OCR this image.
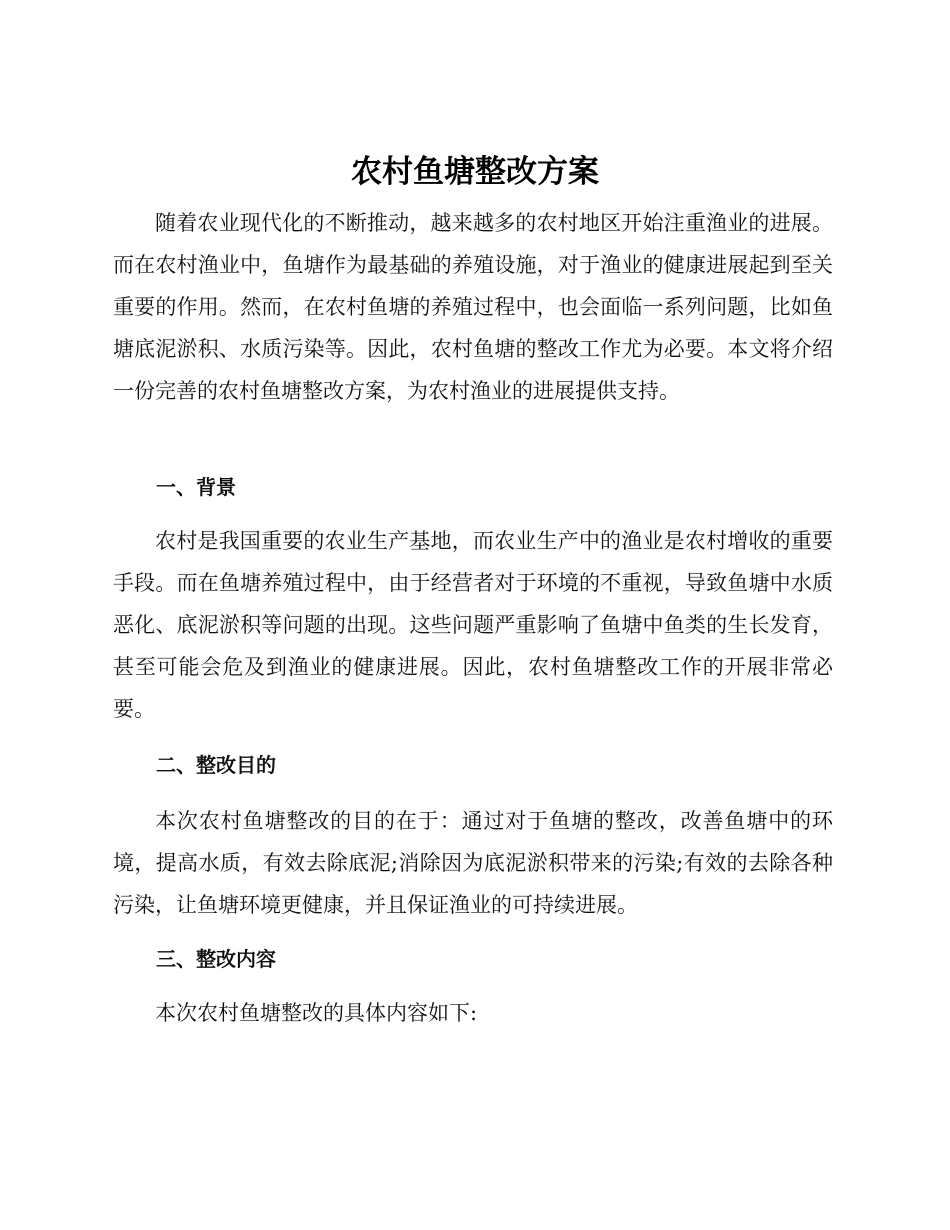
农村鱼塘整改方案

随着农业现代化的不断推动，越来越多的农村地区开始注重渔业的进展。而在农村渔业中，鱼塘作为最基础的养殖设施，对于渔业的健康进展起到至关重要的作用。然而，在农村鱼塘的养殖过程中，也会面临一系列问题，比如鱼塘底泥淤积、水质污染等。因此，农村鱼塘的整改工作尤为必要。本文将介绍一份完善的农村鱼塘整改方案，为农村渔业的进展提供支持。

一、背景

农村是我国重要的农业生产基地，而农业生产中的渔业是农村增收的重要手段。而在鱼塘养殖过程中，由于经营者对于环境的不重视，导致鱼塘中水质恶化、底泥淤积等问题的出现。这些问题严重影响了鱼塘中鱼类的生长发育，甚至可能会危及到渔业的健康进展。因此，农村鱼塘整改工作的开展非常必要。

二、整改目的

本次农村鱼塘整改的目的在于：通过对于鱼塘的整改，改善鱼塘中的环境，提高水质，有效去除底泥;消除因为底泥淤积带来的污染;有效的去除各种污染，让鱼塘环境更健康，并且保证渔业的可持续进展。

三、整改内容

本次农村鱼塘整改的具体内容如下:
